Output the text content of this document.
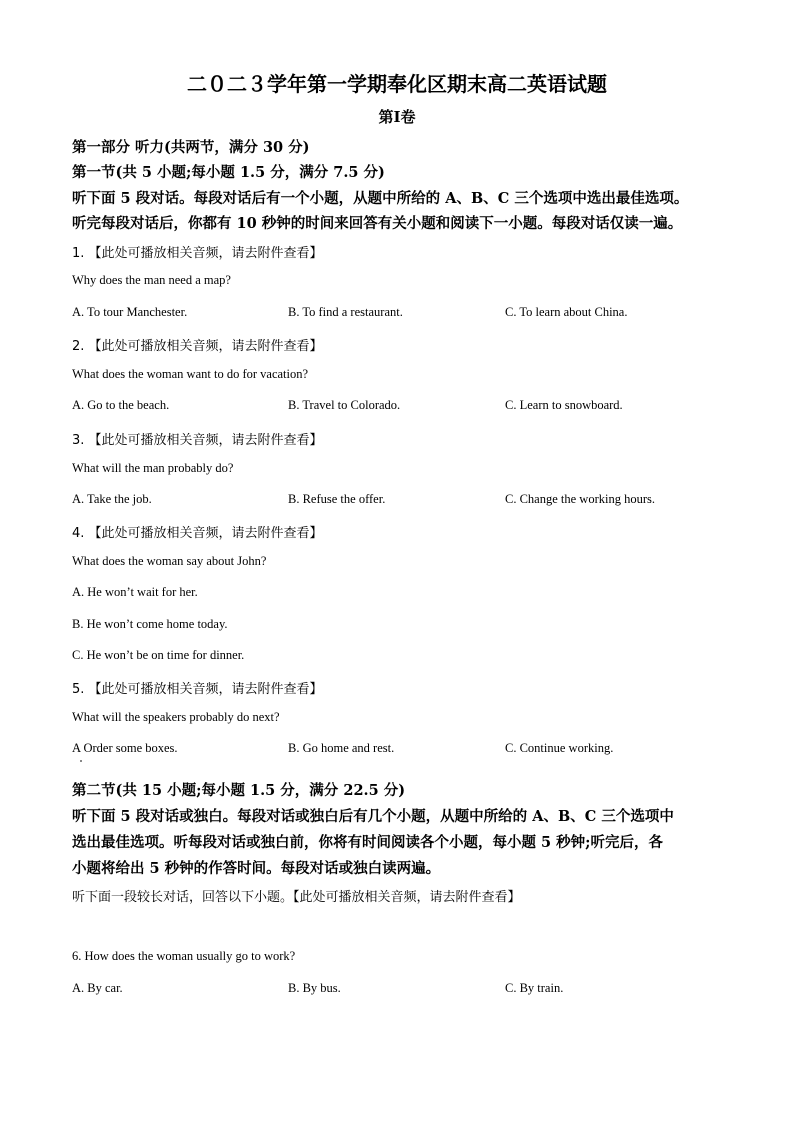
二０二３学年第一学期奉化区期末高二英语试题
第Ⅰ卷
第一部分 听力(共两节，满分 30 分)
第一节(共 5 小题;每小题 1.5 分，满分 7.5 分)
听下面 5 段对话。每段对话后有一个小题，从题中所给的 A、B、C 三个选项中选出最佳选项。
听完每段对话后，你都有 10 秒钟的时间来回答有关小题和阅读下一小题。每段对话仅读一遍。
1. 【此处可播放相关音频，请去附件查看】
Why does the man need a map?
A. To tour Manchester.	B. To find a restaurant.	C. To learn about China.
2. 【此处可播放相关音频，请去附件查看】
What does the woman want to do for vacation?
A. Go to the beach.	B. Travel to Colorado.	C. Learn to snowboard.
3. 【此处可播放相关音频，请去附件查看】
What will the man probably do?
A. Take the job.	B. Refuse the offer.	C. Change the working hours.
4. 【此处可播放相关音频，请去附件查看】
What does the woman say about John?
A. He won’t wait for her.
B. He won’t come home today.
C. He won’t be on time for dinner.
5. 【此处可播放相关音频，请去附件查看】
What will the speakers probably do next?
A Order some boxes.	B. Go home and rest.	C. Continue working.
第二节(共 15 小题;每小题 1.5 分，满分 22.5 分)
听下面 5 段对话或独白。每段对话或独白后有几个小题，从题中所给的 A、B、C 三个选项中
选出最佳选项。听每段对话或独白前，你将有时间阅读各个小题，每小题 5 秒钟;听完后，各
小题将给出 5 秒钟的作答时间。每段对话或独白读两遍。
听下面一段较长对话，回答以下小题。【此处可播放相关音频，请去附件查看】
6. How does the woman usually go to work?
A. By car.	B. By bus.	C. By train.
